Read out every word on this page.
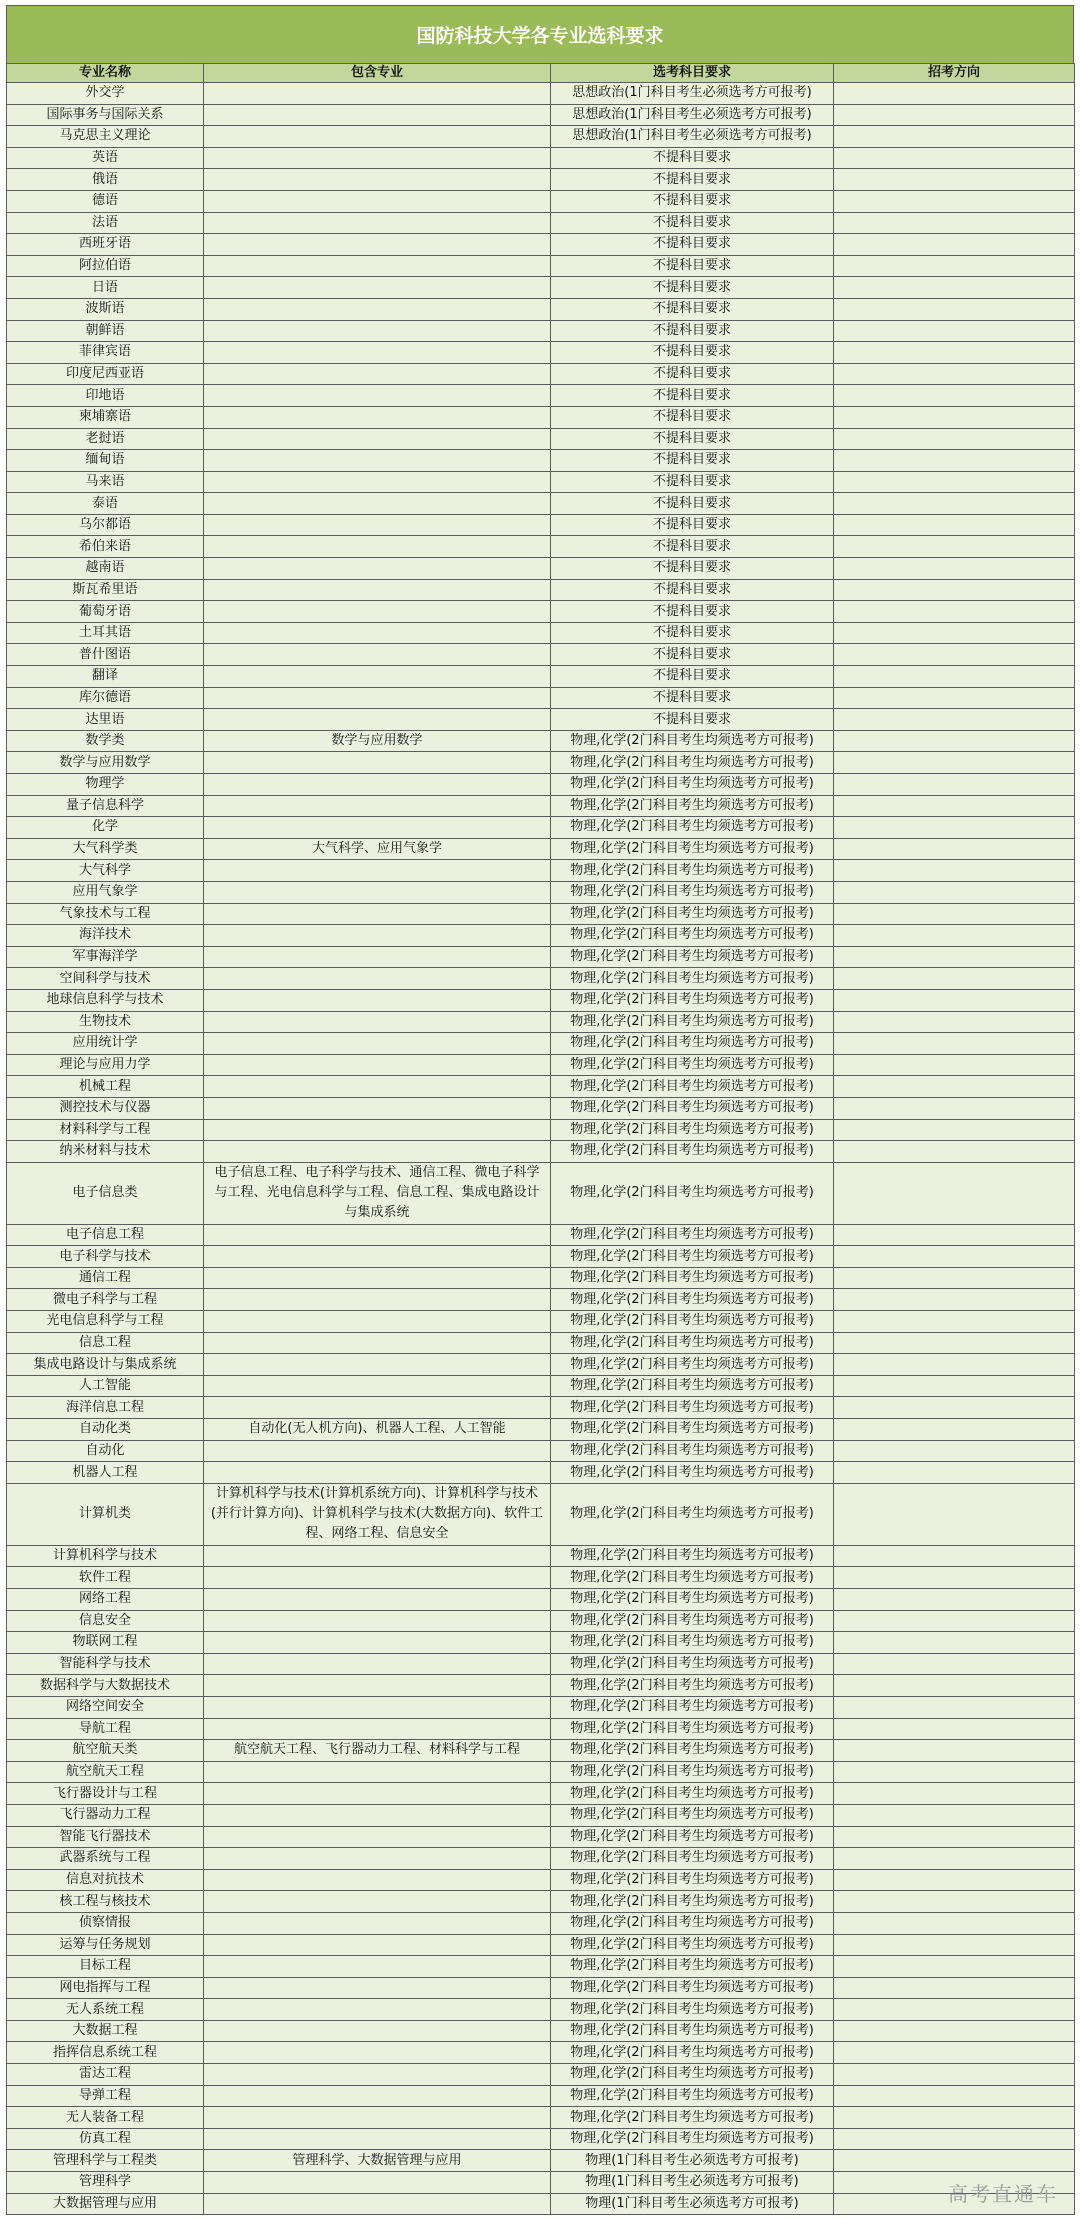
国防科技大学各专业选科要求
专业名称	包含专业	选考科目要求	招考方向
外交学		思想政治(1门科目考生必须选考方可报考)	
国际事务与国际关系		思想政治(1门科目考生必须选考方可报考)	
马克思主义理论		思想政治(1门科目考生必须选考方可报考)	
英语		不提科目要求	
俄语		不提科目要求	
德语		不提科目要求	
法语		不提科目要求	
西班牙语		不提科目要求	
阿拉伯语		不提科目要求	
日语		不提科目要求	
波斯语		不提科目要求	
朝鲜语		不提科目要求	
菲律宾语		不提科目要求	
印度尼西亚语		不提科目要求	
印地语		不提科目要求	
柬埔寨语		不提科目要求	
老挝语		不提科目要求	
缅甸语		不提科目要求	
马来语		不提科目要求	
泰语		不提科目要求	
乌尔都语		不提科目要求	
希伯来语		不提科目要求	
越南语		不提科目要求	
斯瓦希里语		不提科目要求	
葡萄牙语		不提科目要求	
土耳其语		不提科目要求	
普什图语		不提科目要求	
翻译		不提科目要求	
库尔德语		不提科目要求	
达里语		不提科目要求	
数学类	数学与应用数学	物理,化学(2门科目考生均须选考方可报考)	
数学与应用数学		物理,化学(2门科目考生均须选考方可报考)	
物理学		物理,化学(2门科目考生均须选考方可报考)	
量子信息科学		物理,化学(2门科目考生均须选考方可报考)	
化学		物理,化学(2门科目考生均须选考方可报考)	
大气科学类	大气科学、应用气象学	物理,化学(2门科目考生均须选考方可报考)	
大气科学		物理,化学(2门科目考生均须选考方可报考)	
应用气象学		物理,化学(2门科目考生均须选考方可报考)	
气象技术与工程		物理,化学(2门科目考生均须选考方可报考)	
海洋技术		物理,化学(2门科目考生均须选考方可报考)	
军事海洋学		物理,化学(2门科目考生均须选考方可报考)	
空间科学与技术		物理,化学(2门科目考生均须选考方可报考)	
地球信息科学与技术		物理,化学(2门科目考生均须选考方可报考)	
生物技术		物理,化学(2门科目考生均须选考方可报考)	
应用统计学		物理,化学(2门科目考生均须选考方可报考)	
理论与应用力学		物理,化学(2门科目考生均须选考方可报考)	
机械工程		物理,化学(2门科目考生均须选考方可报考)	
测控技术与仪器		物理,化学(2门科目考生均须选考方可报考)	
材料科学与工程		物理,化学(2门科目考生均须选考方可报考)	
纳米材料与技术		物理,化学(2门科目考生均须选考方可报考)	
电子信息类	电子信息工程、电子科学与技术、通信工程、微电子科学与工程、光电信息科学与工程、信息工程、集成电路设计与集成系统	物理,化学(2门科目考生均须选考方可报考)	
电子信息工程		物理,化学(2门科目考生均须选考方可报考)	
电子科学与技术		物理,化学(2门科目考生均须选考方可报考)	
通信工程		物理,化学(2门科目考生均须选考方可报考)	
微电子科学与工程		物理,化学(2门科目考生均须选考方可报考)	
光电信息科学与工程		物理,化学(2门科目考生均须选考方可报考)	
信息工程		物理,化学(2门科目考生均须选考方可报考)	
集成电路设计与集成系统		物理,化学(2门科目考生均须选考方可报考)	
人工智能		物理,化学(2门科目考生均须选考方可报考)	
海洋信息工程		物理,化学(2门科目考生均须选考方可报考)	
自动化类	自动化(无人机方向)、机器人工程、人工智能	物理,化学(2门科目考生均须选考方可报考)	
自动化		物理,化学(2门科目考生均须选考方可报考)	
机器人工程		物理,化学(2门科目考生均须选考方可报考)	
计算机类	计算机科学与技术(计算机系统方向)、计算机科学与技术(并行计算方向)、计算机科学与技术(大数据方向)、软件工程、网络工程、信息安全	物理,化学(2门科目考生均须选考方可报考)	
计算机科学与技术		物理,化学(2门科目考生均须选考方可报考)	
软件工程		物理,化学(2门科目考生均须选考方可报考)	
网络工程		物理,化学(2门科目考生均须选考方可报考)	
信息安全		物理,化学(2门科目考生均须选考方可报考)	
物联网工程		物理,化学(2门科目考生均须选考方可报考)	
智能科学与技术		物理,化学(2门科目考生均须选考方可报考)	
数据科学与大数据技术		物理,化学(2门科目考生均须选考方可报考)	
网络空间安全		物理,化学(2门科目考生均须选考方可报考)	
导航工程		物理,化学(2门科目考生均须选考方可报考)	
航空航天类	航空航天工程、飞行器动力工程、材料科学与工程	物理,化学(2门科目考生均须选考方可报考)	
航空航天工程		物理,化学(2门科目考生均须选考方可报考)	
飞行器设计与工程		物理,化学(2门科目考生均须选考方可报考)	
飞行器动力工程		物理,化学(2门科目考生均须选考方可报考)	
智能飞行器技术		物理,化学(2门科目考生均须选考方可报考)	
武器系统与工程		物理,化学(2门科目考生均须选考方可报考)	
信息对抗技术		物理,化学(2门科目考生均须选考方可报考)	
核工程与核技术		物理,化学(2门科目考生均须选考方可报考)	
侦察情报		物理,化学(2门科目考生均须选考方可报考)	
运筹与任务规划		物理,化学(2门科目考生均须选考方可报考)	
目标工程		物理,化学(2门科目考生均须选考方可报考)	
网电指挥与工程		物理,化学(2门科目考生均须选考方可报考)	
无人系统工程		物理,化学(2门科目考生均须选考方可报考)	
大数据工程		物理,化学(2门科目考生均须选考方可报考)	
指挥信息系统工程		物理,化学(2门科目考生均须选考方可报考)	
雷达工程		物理,化学(2门科目考生均须选考方可报考)	
导弹工程		物理,化学(2门科目考生均须选考方可报考)	
无人装备工程		物理,化学(2门科目考生均须选考方可报考)	
仿真工程		物理,化学(2门科目考生均须选考方可报考)	
管理科学与工程类	管理科学、大数据管理与应用	物理(1门科目考生必须选考方可报考)	
管理科学		物理(1门科目考生必须选考方可报考)	
大数据管理与应用		物理(1门科目考生必须选考方可报考)		高考直通车
